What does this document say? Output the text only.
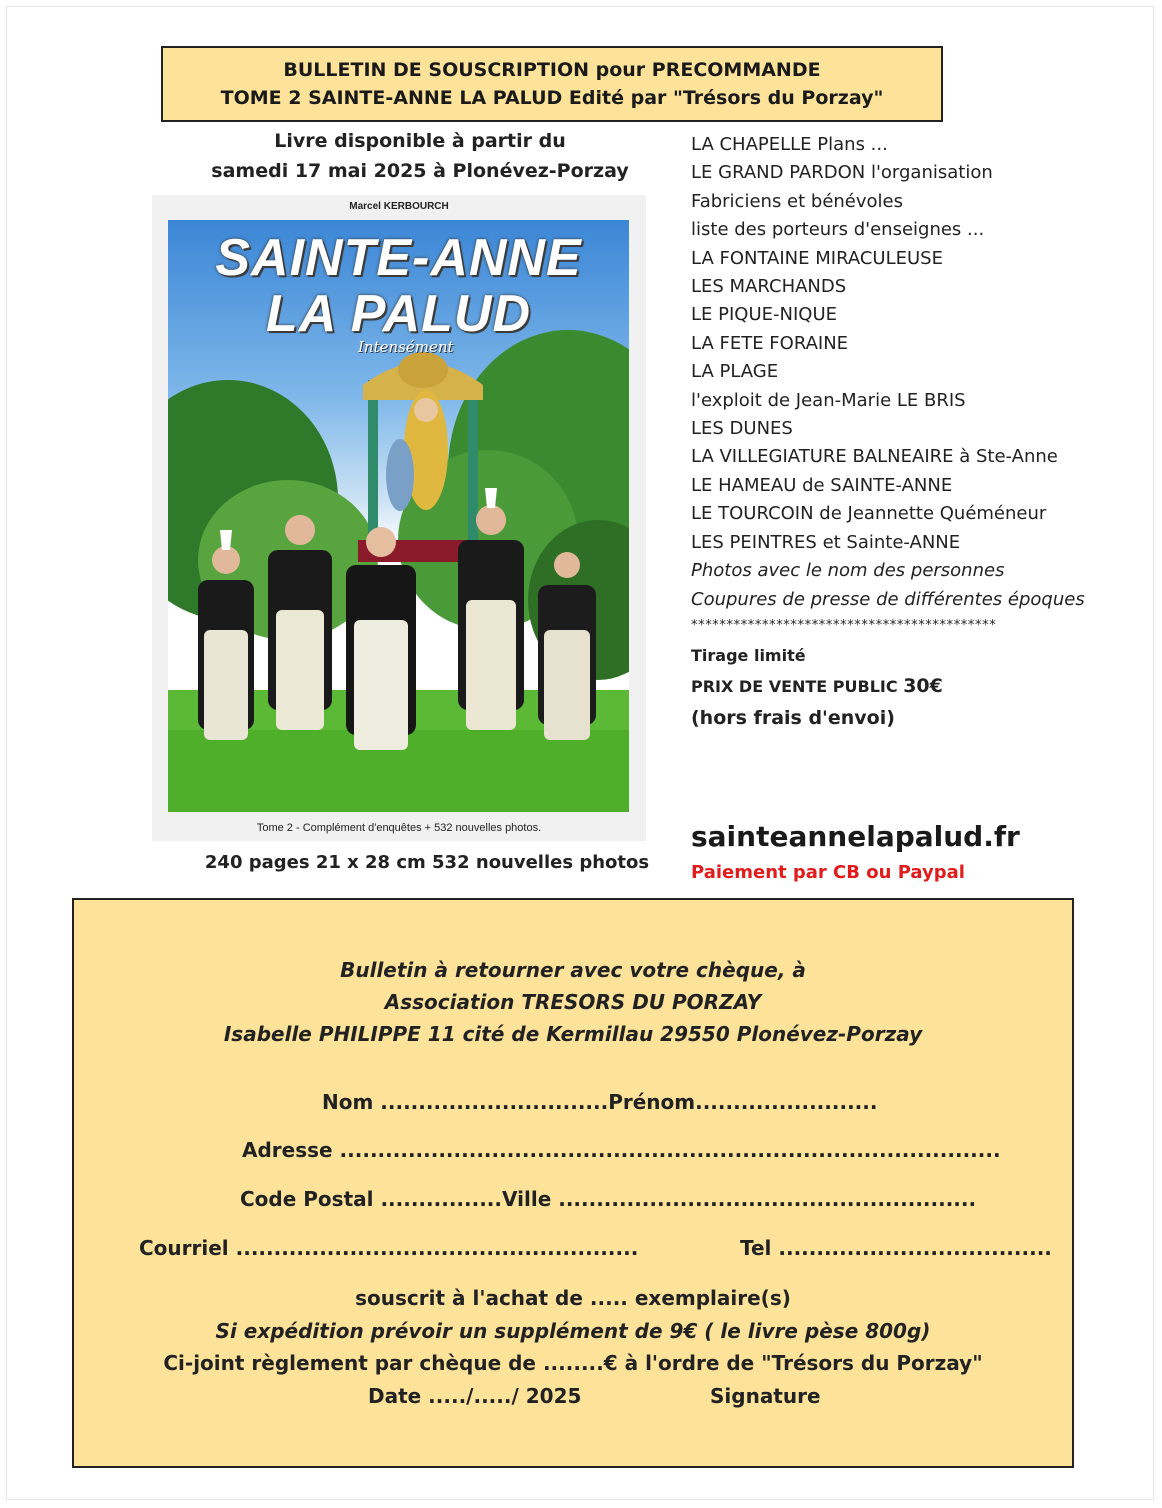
BULLETIN DE SOUSCRIPTION pour PRECOMMANDE
TOME 2 SAINTE-ANNE LA PALUD Edité par "Trésors du Porzay"
Livre disponible à partir du
samedi 17 mai 2025 à Plonévez-Porzay
Marcel KERBOURCH
SAINTE-ANNE
LA PALUD
Intensément
Tome 2 - Complément d'enquêtes + 532 nouvelles photos.
240 pages 21 x 28 cm 532 nouvelles photos
LA CHAPELLE Plans ...
LE GRAND PARDON l'organisation
Fabriciens et bénévoles
liste des porteurs d'enseignes ...
LA FONTAINE MIRACULEUSE
LES MARCHANDS
LE PIQUE-NIQUE
LA FETE FORAINE
LA PLAGE
l'exploit de Jean-Marie LE BRIS
LES DUNES
LA VILLEGIATURE BALNEAIRE à Ste-Anne
LE HAMEAU de SAINTE-ANNE
LE TOURCOIN de Jeannette Quéméneur
LES PEINTRES et Sainte-ANNE
Photos avec le nom des personnes
Coupures de presse de différentes époques
*******************************************
Tirage limité
PRIX DE VENTE PUBLIC 30€
(hors frais d'envoi)
sainteannelapalud.fr
Paiement par CB ou Paypal
Bulletin à retourner avec votre chèque, à
Association TRESORS DU PORZAY
Isabelle PHILIPPE 11 cité de Kermillau 29550 Plonévez-Porzay
Nom ..............................Prénom........................
Adresse .......................................................................................
Code Postal ................Ville .......................................................
Courriel .....................................................	Tel ....................................
souscrit à l'achat de ..... exemplaire(s)
Si expédition prévoir un supplément de 9€ ( le livre pèse 800g)
Ci-joint règlement par chèque de ........€ à l'ordre de "Trésors du Porzay"
Date ...../...../ 2025	Signature
